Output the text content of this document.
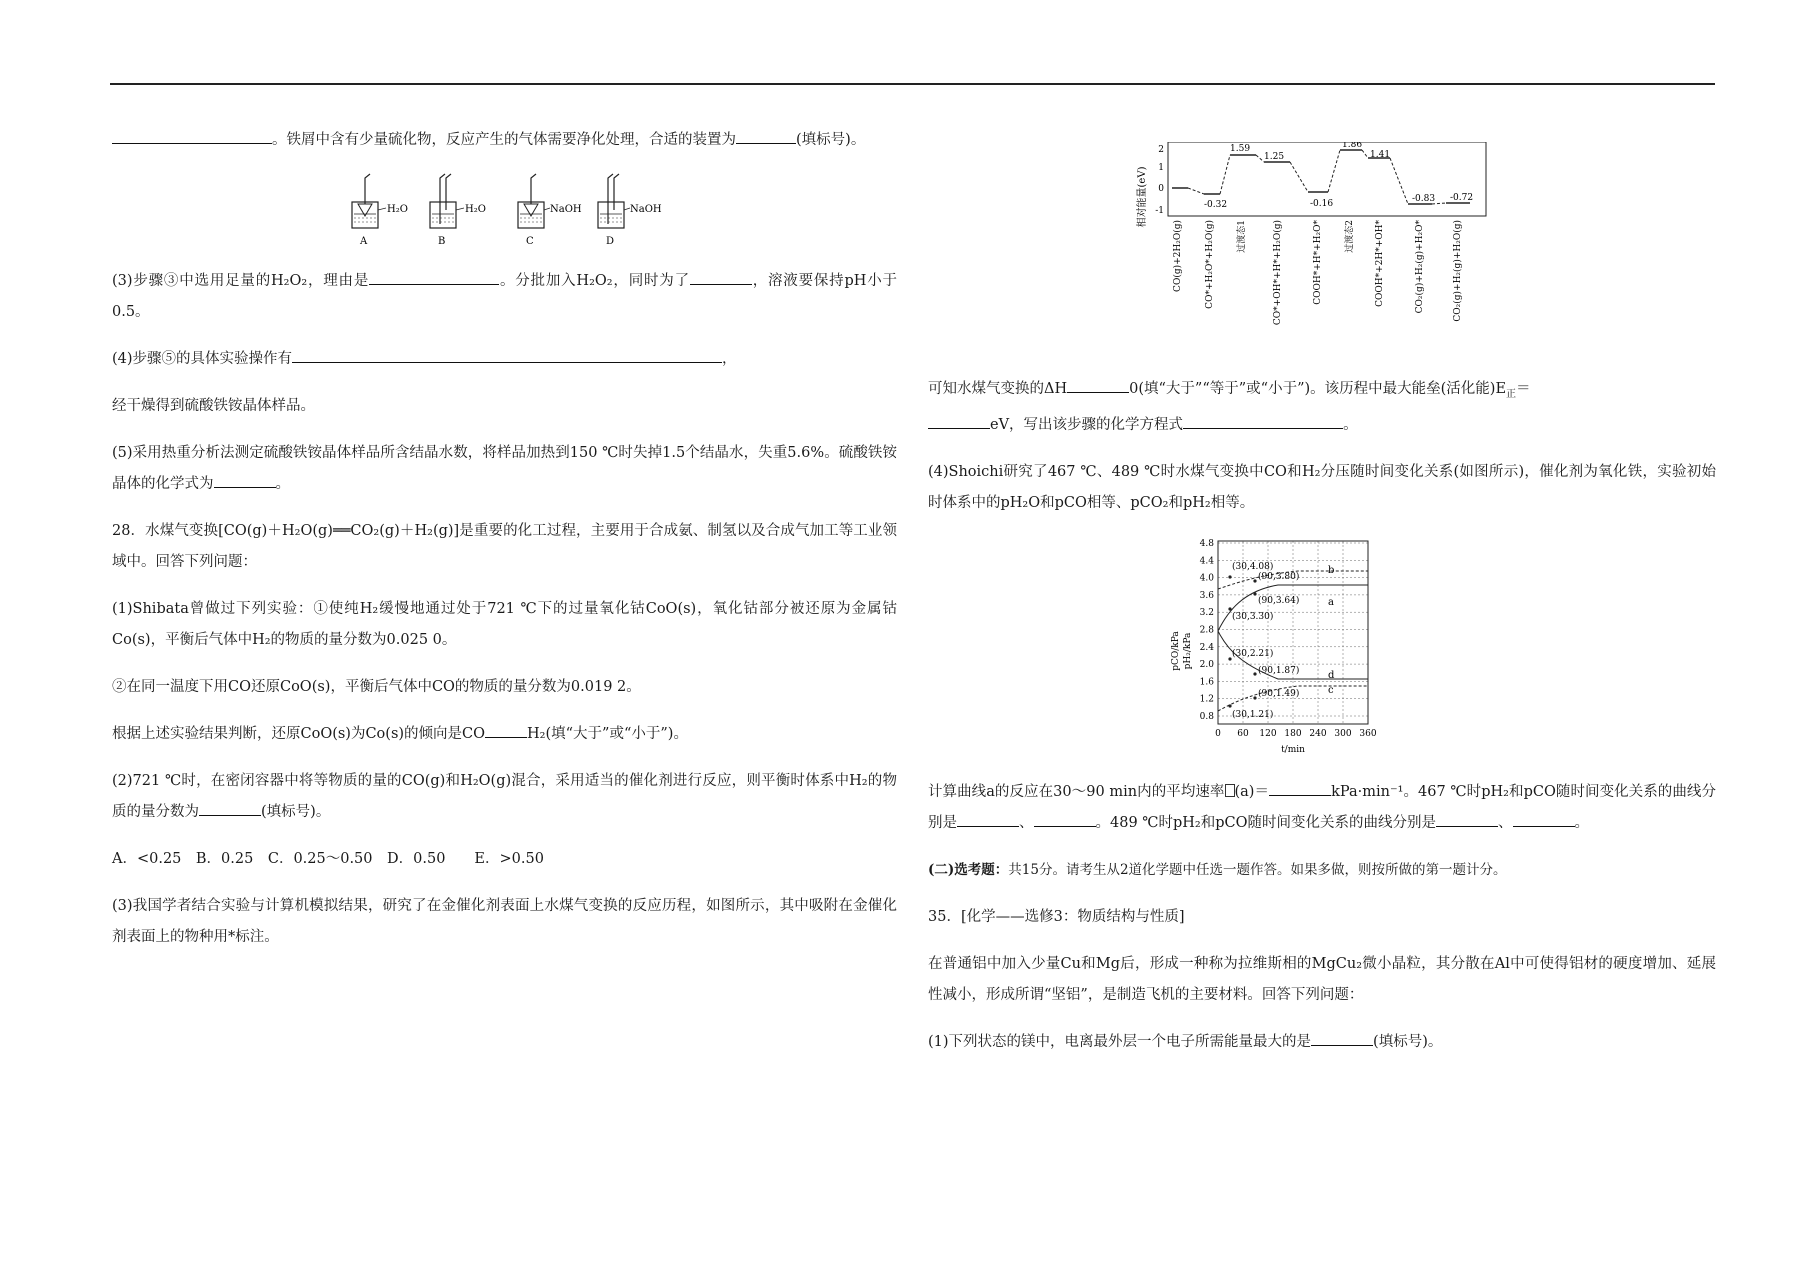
。铁屑中含有少量硫化物，反应产生的气体需要净化处理，合适的装置为	(填标号)。

H₂O
A
H₂O
B
NaOH
C
NaOH
D

(3)步骤③中选用足量的H₂O₂，理由是	。分批加入H₂O₂，同时为了	，溶液要保持pH小于0.5。

(4)步骤⑤的具体实验操作有	，

经干燥得到硫酸铁铵晶体样品。

(5)采用热重分析法测定硫酸铁铵晶体样品所含结晶水数，将样品加热到150 ℃时失掉1.5个结晶水，失重5.6%。硫酸铁铵晶体的化学式为	。

28．水煤气变换[CO(g)＋H₂O(g)══CO₂(g)＋H₂(g)]是重要的化工过程，主要用于合成氨、制氢以及合成气加工等工业领域中。回答下列问题：

(1)Shibata曾做过下列实验：①使纯H₂缓慢地通过处于721 ℃下的过量氧化钴CoO(s)，氧化钴部分被还原为金属钴Co(s)，平衡后气体中H₂的物质的量分数为0.025 0。

②在同一温度下用CO还原CoO(s)，平衡后气体中CO的物质的量分数为0.019 2。

根据上述实验结果判断，还原CoO(s)为Co(s)的倾向是CO	H₂(填“大于”或“小于”)。

(2)721 ℃时，在密闭容器中将等物质的量的CO(g)和H₂O(g)混合，采用适当的催化剂进行反应，则平衡时体系中H₂的物质的量分数为	(填标号)。

A．<0.25　B．0.25　C．0.25～0.50　D．0.50　　E．>0.50

(3)我国学者结合实验与计算机模拟结果，研究了在金催化剂表面上水煤气变换的反应历程，如图所示，其中吸附在金催化剂表面上的物种用*标注。

相对能量(eV)
2
1
0
-1
1.59
1.25
1.86
1.41
-0.32	-0.16	-0.83 -0.72
CO(g)+2H₂O(g) CO*+H₂O*+H₂O(g) 过渡态1	CO*+OH*+H*+H₂O(g)	COOH*+H*+H₂O* 过渡态2 COOH*+2H*+OH*	CO₂(g)+H₂(g)+H₂O*	CO₂(g)+H₂(g)+H₂O(g)

可知水煤气变换的ΔH	0(填“大于”“等于”或“小于”)。该历程中最大能垒(活化能)$E_正=$
eV，写出该步骤的化学方程式	。

(4)Shoichi研究了467 ℃、489 ℃时水煤气变换中CO和H₂分压随时间变化关系(如图所示)，催化剂为氧化铁，实验初始时体系中的pH₂O和pCO相等、pCO₂和pH₂相等。

pCO/kPa pH₂/kPa
0.8
1.2
1.6
2.0
2.4
2.8
3.2
3.6
4.0
4.4
4.8
0 60 120 180 240 300 360
t/min
(30,4.08)
(90,3.80)
(90,3.64)
(30,3.30)
(30,2.21)
(90,1.87)
(90,1.49)
(30,1.21)
b
a
d
c

计算曲线a的反应在30～90 min内的平均速率 (a)＝	kPa·min⁻¹。467 ℃时pH₂和pCO随时间变化关系的曲线分别是	、	。489 ℃时pH₂和pCO随时间变化关系的曲线分别是	、	。

(二)选考题：共15分。请考生从2道化学题中任选一题作答。如果多做，则按所做的第一题计分。

35．[化学——选修3：物质结构与性质]

在普通铝中加入少量Cu和Mg后，形成一种称为拉维斯相的MgCu₂微小晶粒，其分散在Al中可使得铝材的硬度增加、延展性减小，形成所谓“坚铝”，是制造飞机的主要材料。回答下列问题：

(1)下列状态的镁中，电离最外层一个电子所需能量最大的是	(填标号)。
